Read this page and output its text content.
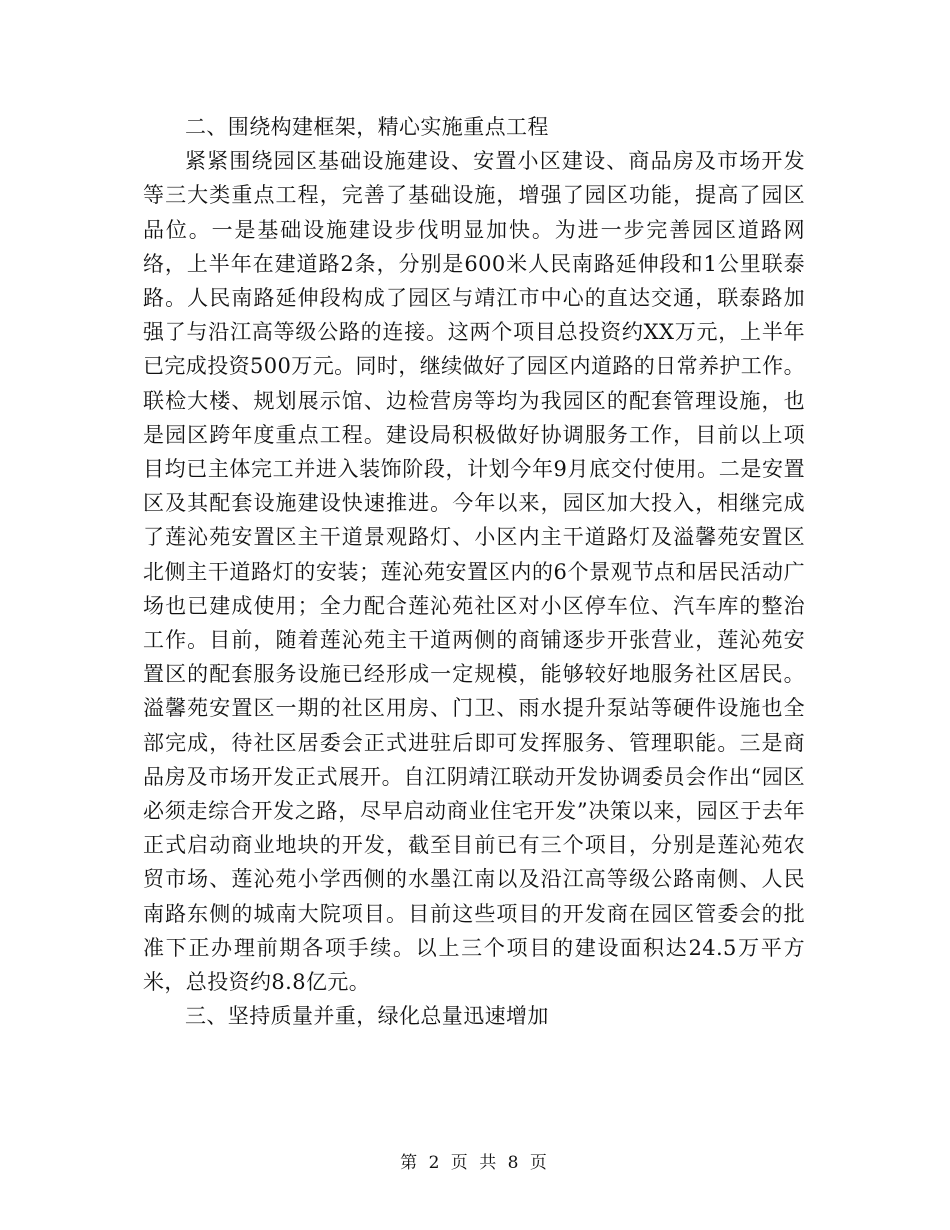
二、围绕构建框架，精心实施重点工程

紧紧围绕园区基础设施建设、安置小区建设、商品房及市场开发等三大类重点工程，完善了基础设施，增强了园区功能，提高了园区品位。一是基础设施建设步伐明显加快。为进一步完善园区道路网络，上半年在建道路2条，分别是600米人民南路延伸段和1公里联泰路。人民南路延伸段构成了园区与靖江市中心的直达交通，联泰路加强了与沿江高等级公路的连接。这两个项目总投资约XX万元，上半年已完成投资500万元。同时，继续做好了园区内道路的日常养护工作。联检大楼、规划展示馆、边检营房等均为我园区的配套管理设施，也是园区跨年度重点工程。建设局积极做好协调服务工作，目前以上项目均已主体完工并进入装饰阶段，计划今年9月底交付使用。二是安置区及其配套设施建设快速推进。今年以来，园区加大投入，相继完成了莲沁苑安置区主干道景观路灯、小区内主干道路灯及溢馨苑安置区北侧主干道路灯的安装；莲沁苑安置区内的6个景观节点和居民活动广场也已建成使用；全力配合莲沁苑社区对小区停车位、汽车库的整治工作。目前，随着莲沁苑主干道两侧的商铺逐步开张营业，莲沁苑安置区的配套服务设施已经形成一定规模，能够较好地服务社区居民。溢馨苑安置区一期的社区用房、门卫、雨水提升泵站等硬件设施也全部完成，待社区居委会正式进驻后即可发挥服务、管理职能。三是商品房及市场开发正式展开。自江阴靖江联动开发协调委员会作出“园区必须走综合开发之路，尽早启动商业住宅开发”决策以来，园区于去年正式启动商业地块的开发，截至目前已有三个项目，分别是莲沁苑农贸市场、莲沁苑小学西侧的水墨江南以及沿江高等级公路南侧、人民南路东侧的城南大院项目。目前这些项目的开发商在园区管委会的批准下正办理前期各项手续。以上三个项目的建设面积达24.5万平方米，总投资约8.8亿元。

三、坚持质量并重，绿化总量迅速增加

第 2 页 共 8 页
